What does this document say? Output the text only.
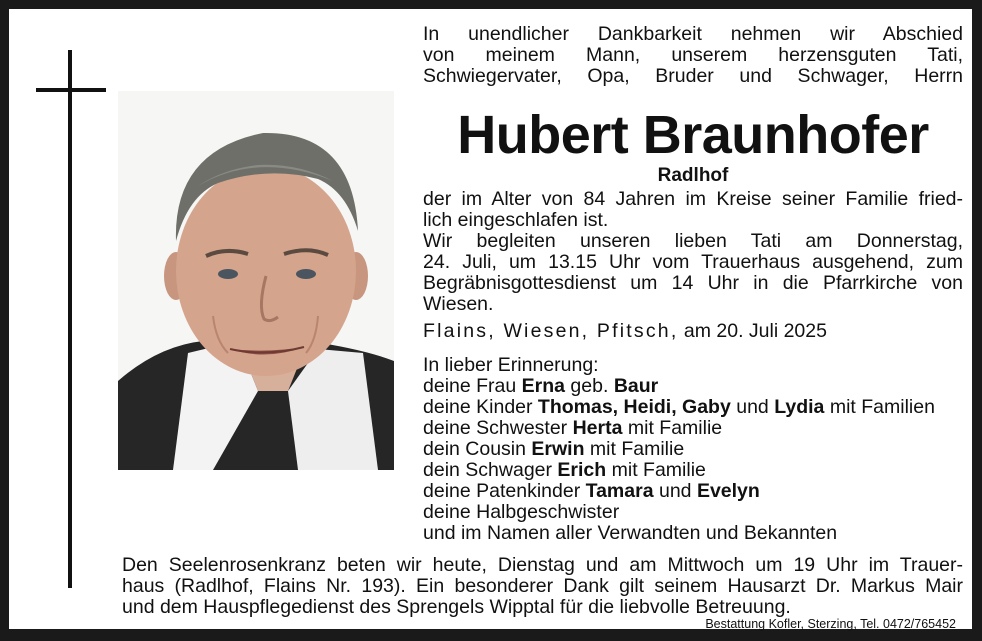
In unendlicher Dankbarkeit nehmen wir Abschied
von meinem Mann, unserem herzensguten Tati,
Schwiegervater, Opa, Bruder und Schwager, Herrn
Hubert Braunhofer
Radlhof
der im Alter von 84 Jahren im Kreise seiner Familie fried-
lich eingeschlafen ist.
Wir begleiten unseren lieben Tati am Donnerstag,
24. Juli, um 13.15 Uhr vom Trauerhaus ausgehend, zum
Begräbnisgottesdienst um 14 Uhr in die Pfarrkirche von
Wiesen.
Flains, Wiesen, Pfitsch, am 20. Juli 2025
In lieber Erinnerung:
deine Frau Erna geb. Baur
deine Kinder Thomas, Heidi, Gaby und Lydia mit Familien
deine Schwester Herta mit Familie
dein Cousin Erwin mit Familie
dein Schwager Erich mit Familie
deine Patenkinder Tamara und Evelyn
deine Halbgeschwister
und im Namen aller Verwandten und Bekannten
Den Seelenrosenkranz beten wir heute, Dienstag und am Mittwoch um 19 Uhr im Trauer-
haus (Radlhof, Flains Nr. 193). Ein besonderer Dank gilt seinem Hausarzt Dr. Markus Mair
und dem Hauspflegedienst des Sprengels Wipptal für die liebvolle Betreuung.
Bestattung Kofler, Sterzing, Tel. 0472/765452
